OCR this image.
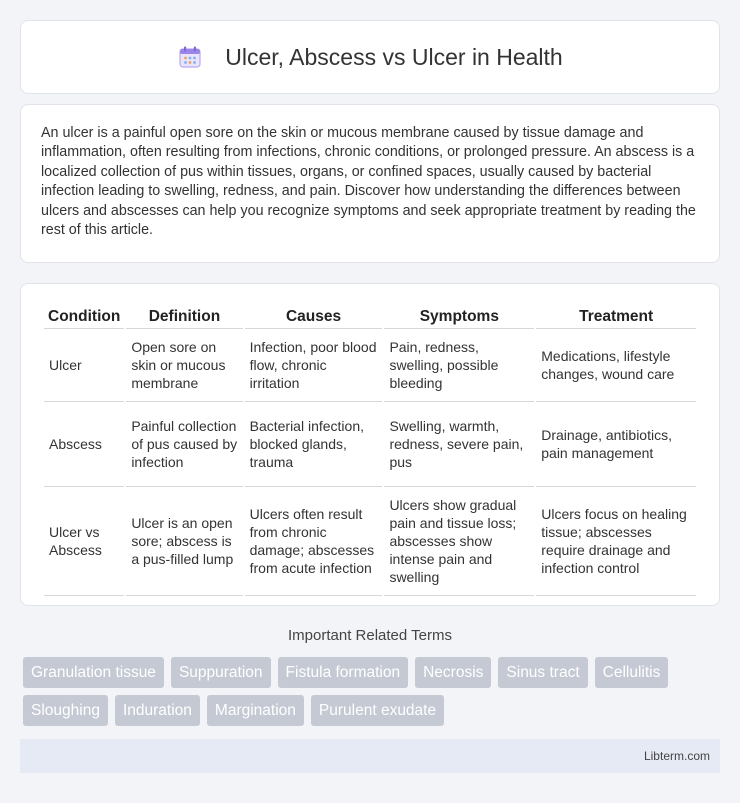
Ulcer, Abscess vs Ulcer in Health

An ulcer is a painful open sore on the skin or mucous membrane caused by tissue damage and inflammation, often resulting from infections, chronic conditions, or prolonged pressure. An abscess is a localized collection of pus within tissues, organs, or confined spaces, usually caused by bacterial infection leading to swelling, redness, and pain. Discover how understanding the differences between ulcers and abscesses can help you recognize symptoms and seek appropriate treatment by reading the rest of this article.

Condition	Definition	Causes	Symptoms	Treatment
Ulcer	Open sore on skin or mucous membrane	Infection, poor blood flow, chronic irritation	Pain, redness, swelling, possible bleeding	Medications, lifestyle changes, wound care
Abscess	Painful collection of pus caused by infection	Bacterial infection, blocked glands, trauma	Swelling, warmth, redness, severe pain, pus	Drainage, antibiotics, pain management
Ulcer vs Abscess	Ulcer is an open sore; abscess is a pus-filled lump	Ulcers often result from chronic damage; abscesses from acute infection	Ulcers show gradual pain and tissue loss; abscesses show intense pain and swelling	Ulcers focus on healing tissue; abscesses require drainage and infection control
Important Related Terms
Granulation tissue	Suppuration	Fistula formation	Necrosis	Sinus tract	Cellulitis
Sloughing	Induration	Margination	Purulent exudate
Libterm.com
